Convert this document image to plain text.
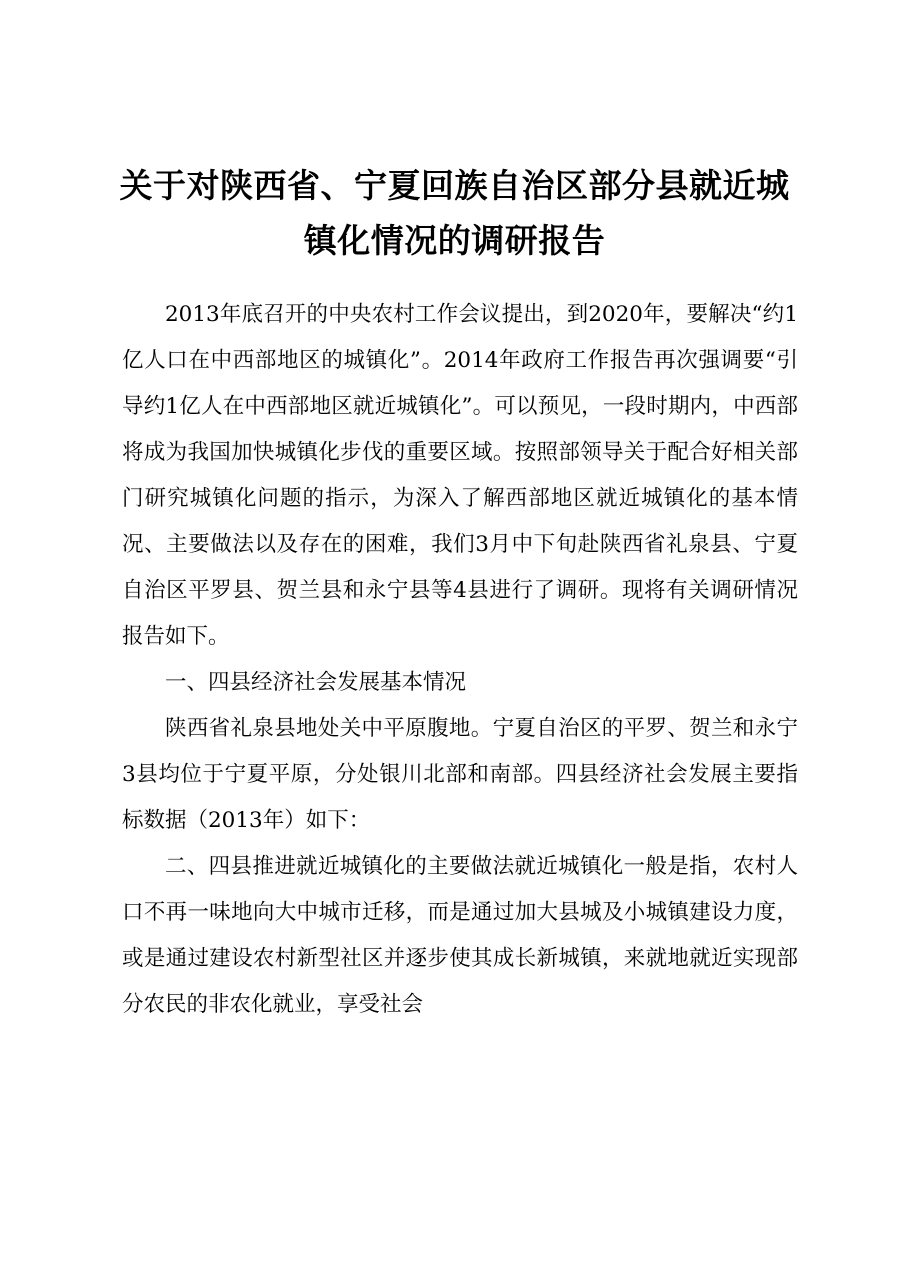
关于对陕西省、宁夏回族自治区部分县就近城
镇化情况的调研报告

2013年底召开的中央农村工作会议提出，到2020年，要解决“约1亿人口在中西部地区的城镇化”。2014年政府工作报告再次强调要“引导约1亿人在中西部地区就近城镇化”。可以预见，一段时期内，中西部将成为我国加快城镇化步伐的重要区域。按照部领导关于配合好相关部门研究城镇化问题的指示，为深入了解西部地区就近城镇化的基本情况、主要做法以及存在的困难，我们3月中下旬赴陕西省礼泉县、宁夏自治区平罗县、贺兰县和永宁县等4县进行了调研。现将有关调研情况报告如下。

一、四县经济社会发展基本情况

陕西省礼泉县地处关中平原腹地。宁夏自治区的平罗、贺兰和永宁3县均位于宁夏平原，分处银川北部和南部。四县经济社会发展主要指标数据（2013年）如下：

二、四县推进就近城镇化的主要做法就近城镇化一般是指，农村人口不再一味地向大中城市迁移，而是通过加大县城及小城镇建设力度，或是通过建设农村新型社区并逐步使其成长新城镇，来就地就近实现部分农民的非农化就业，享受社会
